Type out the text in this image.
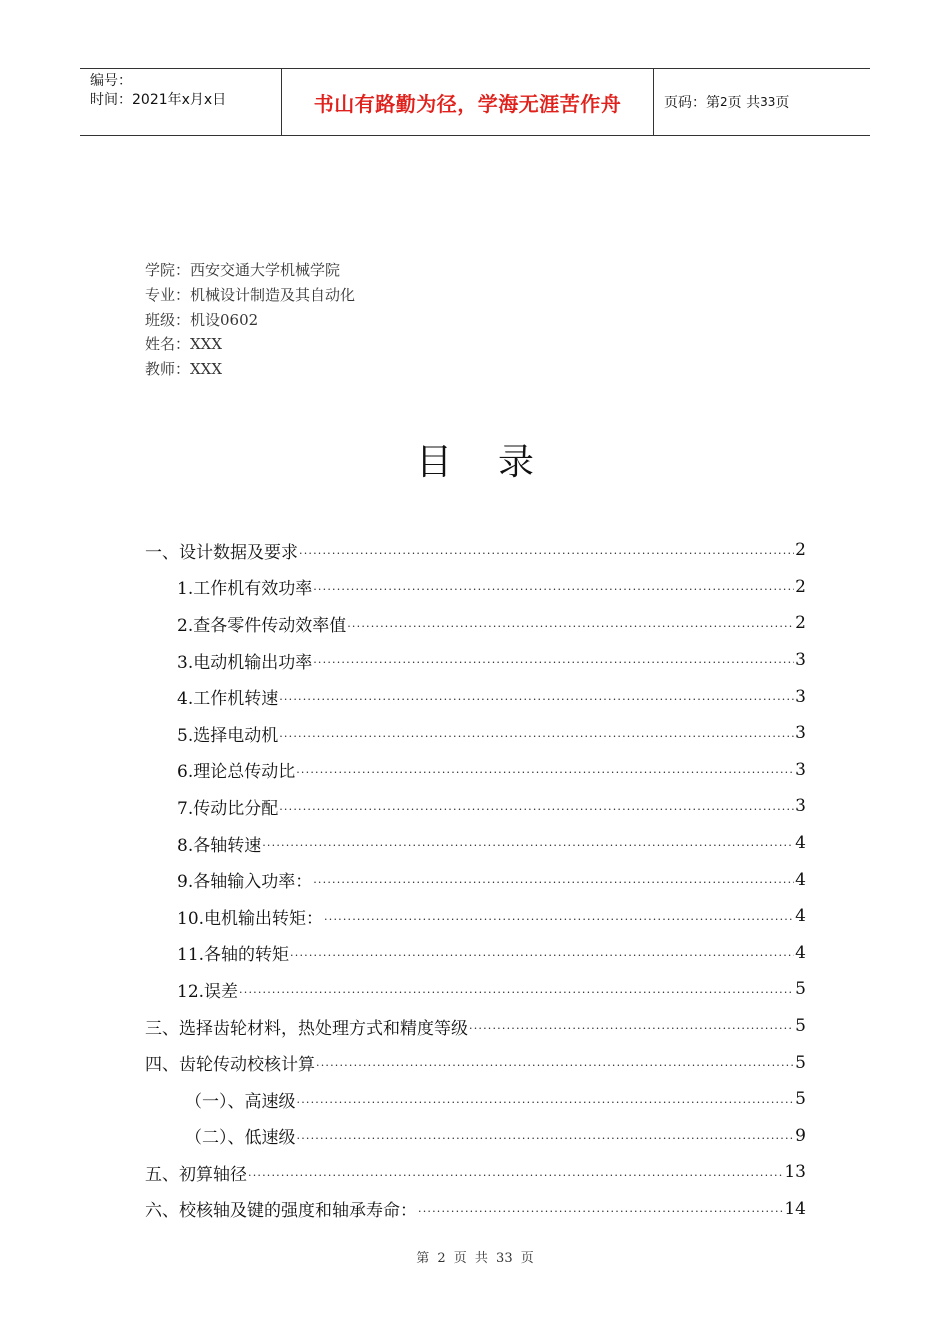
编号：
时间：2021年x月x日	书山有路勤为径，学海无涯苦作舟	页码：第 2 页 共 33 页
学院：西安交通大学机械学院
专业：机械设计制造及其自动化
班级：机设0602
姓名：XXX
教师：XXX
目录
一、设计数据及要求 .....	2
1.工作机有效功率 .....	2
2.查各零件传动效率值 .....	2
3.电动机输出功率 .....	3
4.工作机转速 .....	3
5.选择电动机 .....	3
6.理论总传动比 .....	3
7.传动比分配 .....	3
8.各轴转速 .....	4
9.各轴输入功率： .....	4
10.电机输出转矩： .....	4
11.各轴的转矩 .....	4
12.误差 .....	5
三、选择齿轮材料，热处理方式和精度等级 .....	5
四、齿轮传动校核计算 .....	5
（一）、高速级 .....	5
（二）、低速级 .....	9
五、初算轴径 .....	13
六、校核轴及键的强度和轴承寿命： .....	14
第 2 页 共 33 页
